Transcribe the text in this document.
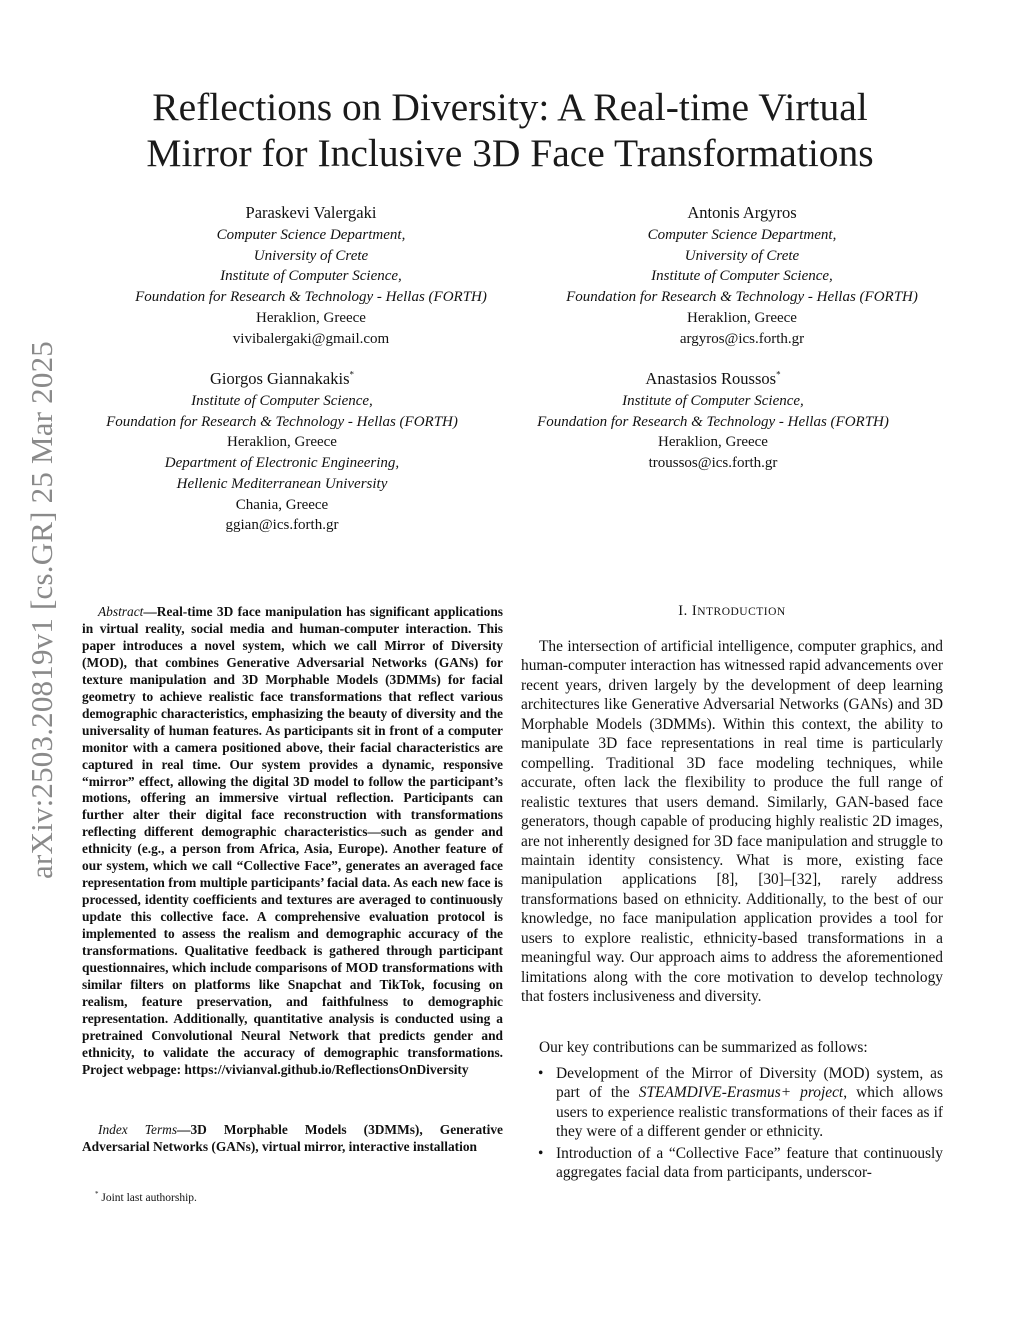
arXiv:2503.20819v1 [cs.GR] 25 Mar 2025
Reflections on Diversity: A Real-time Virtual
Mirror for Inclusive 3D Face Transformations
Paraskevi Valergaki
Computer Science Department,
University of Crete
Institute of Computer Science,
Foundation for Research & Technology - Hellas (FORTH)
Heraklion, Greece
vivibalergaki@gmail.com
Antonis Argyros
Computer Science Department,
University of Crete
Institute of Computer Science,
Foundation for Research & Technology - Hellas (FORTH)
Heraklion, Greece
argyros@ics.forth.gr
Giorgos Giannakakis*
Institute of Computer Science,
Foundation for Research & Technology - Hellas (FORTH)
Heraklion, Greece
Department of Electronic Engineering,
Hellenic Mediterranean University
Chania, Greece
ggian@ics.forth.gr
Anastasios Roussos*
Institute of Computer Science,
Foundation for Research & Technology - Hellas (FORTH)
Heraklion, Greece
troussos@ics.forth.gr
Abstract—Real-time 3D face manipulation has significant applications in virtual reality, social media and human-computer interaction. This paper introduces a novel system, which we call Mirror of Diversity (MOD), that combines Generative Adversarial Networks (GANs) for texture manipulation and 3D Morphable Models (3DMMs) for facial geometry to achieve realistic face transformations that reflect various demographic characteristics, emphasizing the beauty of diversity and the universality of human features. As participants sit in front of a computer monitor with a camera positioned above, their facial characteristics are captured in real time. Our system provides a dynamic, responsive “mirror” effect, allowing the digital 3D model to follow the participant’s motions, offering an immersive virtual reflection. Participants can further alter their digital face reconstruction with transformations reflecting different demographic characteristics—such as gender and ethnicity (e.g., a person from Africa, Asia, Europe). Another feature of our system, which we call “Collective Face”, generates an averaged face representation from multiple participants’ facial data. As each new face is processed, identity coefficients and textures are averaged to continuously update this collective face. A comprehensive evaluation protocol is implemented to assess the realism and demographic accuracy of the transformations. Qualitative feedback is gathered through participant questionnaires, which include comparisons of MOD transformations with similar filters on platforms like Snapchat and TikTok, focusing on realism, feature preservation, and faithfulness to demographic representation. Additionally, quantitative analysis is conducted using a pretrained Convolutional Neural Network that predicts gender and ethnicity, to validate the accuracy of demographic transformations. Project webpage: https://vivianval.github.io/ReflectionsOnDiversity
Index Terms—3D Morphable Models (3DMMs), Generative Adversarial Networks (GANs), virtual mirror, interactive installation
* Joint last authorship.
I. INTRODUCTION
The intersection of artificial intelligence, computer graphics, and human-computer interaction has witnessed rapid advancements over recent years, driven largely by the development of deep learning architectures like Generative Adversarial Networks (GANs) and 3D Morphable Models (3DMMs). Within this context, the ability to manipulate 3D face representations in real time is particularly compelling. Traditional 3D face modeling techniques, while accurate, often lack the flexibility to produce the full range of realistic textures that users demand. Similarly, GAN-based face generators, though capable of producing highly realistic 2D images, are not inherently designed for 3D face manipulation and struggle to maintain identity consistency. What is more, existing face manipulation applications [8], [30]–[32], rarely address transformations based on ethnicity. Additionally, to the best of our knowledge, no face manipulation application provides a tool for users to explore realistic, ethnicity-based transformations in a meaningful way. Our approach aims to address the aforementioned limitations along with the core motivation to develop technology that fosters inclusiveness and diversity.
Our key contributions can be summarized as follows:
• Development of the Mirror of Diversity (MOD) system, as part of the STEAMDIVE-Erasmus+ project, which allows users to experience realistic transformations of their faces as if they were of a different gender or ethnicity.
• Introduction of a “Collective Face” feature that continuously aggregates facial data from participants, underscor-
